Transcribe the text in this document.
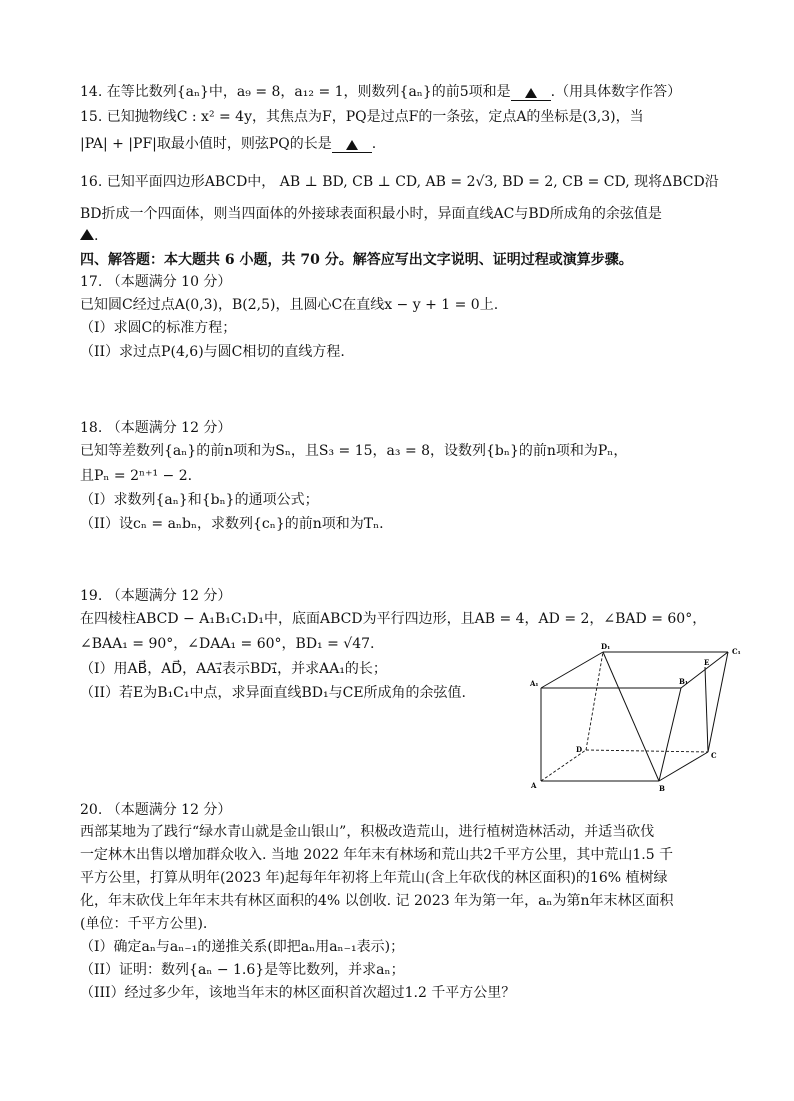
14. 在等比数列{aₙ}中，a₉ = 8，a₁₂ = 1，则数列{aₙ}的前5项和是	.（用具体数字作答）
15. 已知抛物线C : x² = 4y，其焦点为F，PQ是过点F的一条弦，定点A的坐标是(3,3)，当
|PA| + |PF|取最小值时，则弦PQ的长是	.
16. 已知平面四边形ABCD中， AB ⊥ BD, CB ⊥ CD, AB = 2√3, BD = 2, CB = CD, 现将ΔBCD沿
BD折成一个四面体，则当四面体的外接球表面积最小时，异面直线AC与BD所成角的余弦值是
.
四、解答题：本大题共 6 小题，共 70 分。解答应写出文字说明、证明过程或演算步骤。
17. （本题满分 10 分）
已知圆C经过点A(0,3)，B(2,5)，且圆心C在直线x − y + 1 = 0上.
（I）求圆C的标准方程；
（II）求过点P(4,6)与圆C相切的直线方程.
18. （本题满分 12 分）
已知等差数列{aₙ}的前n项和为Sₙ，且S₃ = 15，a₃ = 8，设数列{bₙ}的前n项和为Pₙ，
且Pₙ = 2ⁿ⁺¹ − 2.
（I）求数列{aₙ}和{bₙ}的通项公式；
（II）设cₙ = aₙbₙ，求数列{cₙ}的前n项和为Tₙ.
19. （本题满分 12 分）
在四棱柱ABCD − A₁B₁C₁D₁中，底面ABCD为平行四边形，且AB = 4，AD = 2，∠BAD = 60°，
∠BAA₁ = 90°，∠DAA₁ = 60°，BD₁ = √47.
（I）用AB⃗，AD⃗，AA₁⃗表示BD₁⃗，并求AA₁的长；
（II）若E为B₁C₁中点，求异面直线BD₁与CE所成角的余弦值.
D₁
C₁
E
A₁	B₁
D
C
A	B
20. （本题满分 12 分）
西部某地为了践行“绿水青山就是金山银山”，积极改造荒山，进行植树造林活动，并适当砍伐
一定林木出售以增加群众收入. 当地 2022 年年末有林场和荒山共2千平方公里，其中荒山1.5 千
平方公里，打算从明年(2023 年)起每年年初将上年荒山(含上年砍伐的林区面积)的16% 植树绿
化，年末砍伐上年年末共有林区面积的4% 以创收. 记 2023 年为第一年，aₙ为第n年末林区面积
(单位：千平方公里).
（I）确定aₙ与aₙ₋₁的递推关系(即把aₙ用aₙ₋₁表示)；
（II）证明：数列{aₙ − 1.6}是等比数列，并求aₙ；
（III）经过多少年，该地当年末的林区面积首次超过1.2 千平方公里？
